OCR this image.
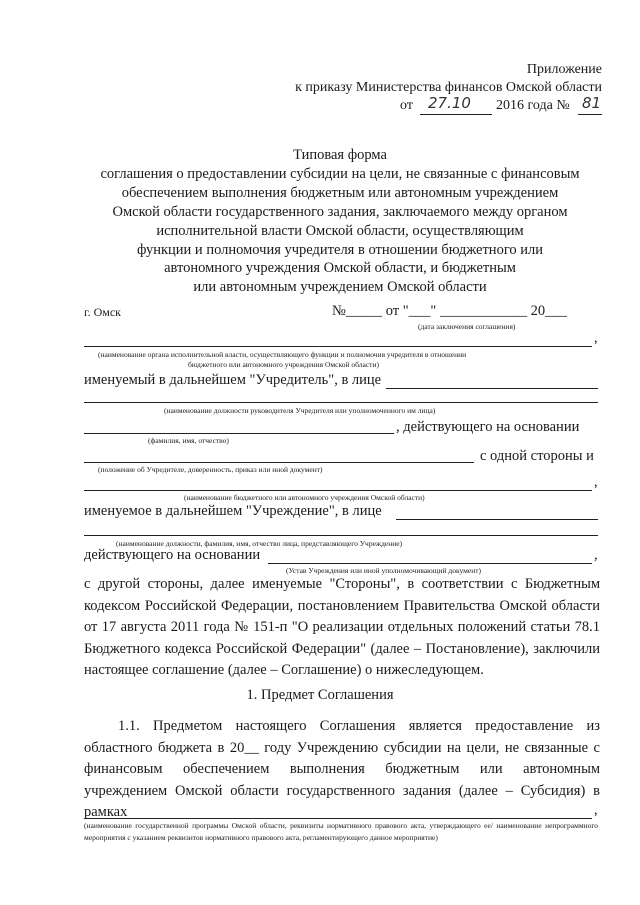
Приложение
к приказу Министерства финансов Омской области
от 27.10 2016 года № 81
Типовая форма
соглашения о предоставлении субсидии на цели, не связанные с финансовым
обеспечением выполнения бюджетным или автономным учреждением
Омской области государственного задания, заключаемого между органом
исполнительной власти Омской области, осуществляющим
функции и полномочия учредителя в отношении бюджетного или
автономного учреждения Омской области, и бюджетным
или автономным учреждением Омской области
г. Омск	№_____ от "___" ____________ 20___
(дата заключения соглашения)
,
(наименование органа исполнительной власти, осуществляющего функции и полномочия учредителя в отношении
бюджетного или автономного учреждения Омской области)
именуемый в дальнейшем "Учредитель", в лице
(наименование должности руководителя Учредителя или уполномоченного им лица)
, действующего на основании
(фамилия, имя, отчество)
с одной стороны и
(положение об Учредителе, доверенность, приказ или иной документ)
,
(наименование бюджетного или автономного учреждения Омской области)
именуемое в дальнейшем "Учреждение", в лице
(наименование должности, фамилия, имя, отчество лица, представляющего Учреждение)
действующего на основании	,
(Устав Учреждения или иной уполномочивающий документ)
с другой стороны, далее именуемые "Стороны", в соответствии с Бюджетным кодексом Российской Федерации, постановлением Правительства Омской области от 17 августа 2011 года № 151-п "О реализации отдельных положений статьи 78.1 Бюджетного кодекса Российской Федерации" (далее – Постановление), заключили настоящее соглашение (далее – Соглашение) о нижеследующем.
1. Предмет Соглашения
1.1. Предметом настоящего Соглашения является предоставление из областного бюджета в 20__ году Учреждению субсидии на цели, не связанные с финансовым обеспечением выполнения бюджетным или автономным учреждением Омской области государственного задания (далее – Субсидия) в рамках	,
(наименование государственной программы Омской области, реквизиты нормативного правового акта, утверждающего ее/ наименование непрограммного мероприятия с указанием реквизитов нормативного правового акта, регламентирующего данное мероприятие)
